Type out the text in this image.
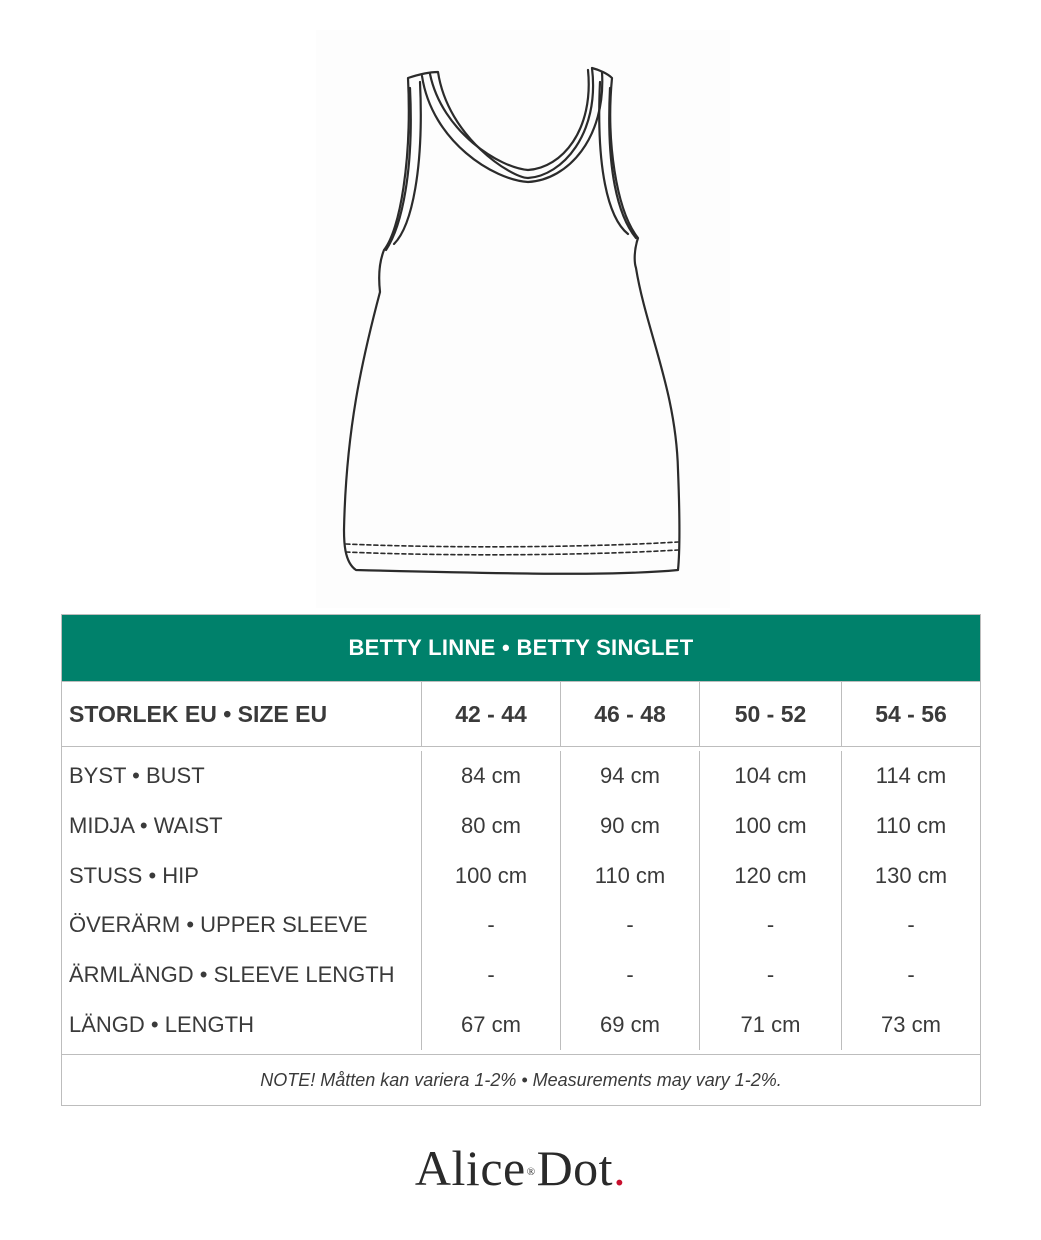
BETTY LINNE • BETTY SINGLET
STORLEK EU • SIZE EU	42 - 44	46 - 48	50 - 52	54 - 56
BYST • BUST	84 cm	94 cm	104 cm	114 cm
MIDJA • WAIST	80 cm	90 cm	100 cm	110 cm
STUSS • HIP	100 cm	110 cm	120 cm	130 cm
ÖVERÄRM • UPPER SLEEVE	-	-	-	-
ÄRMLÄNGD • SLEEVE LENGTH	-	-	-	-
LÄNGD • LENGTH	67 cm	69 cm	71 cm	73 cm
NOTE! Måtten kan variera 1-2% • Measurements may vary 1-2%.
Alice ® Dot .
